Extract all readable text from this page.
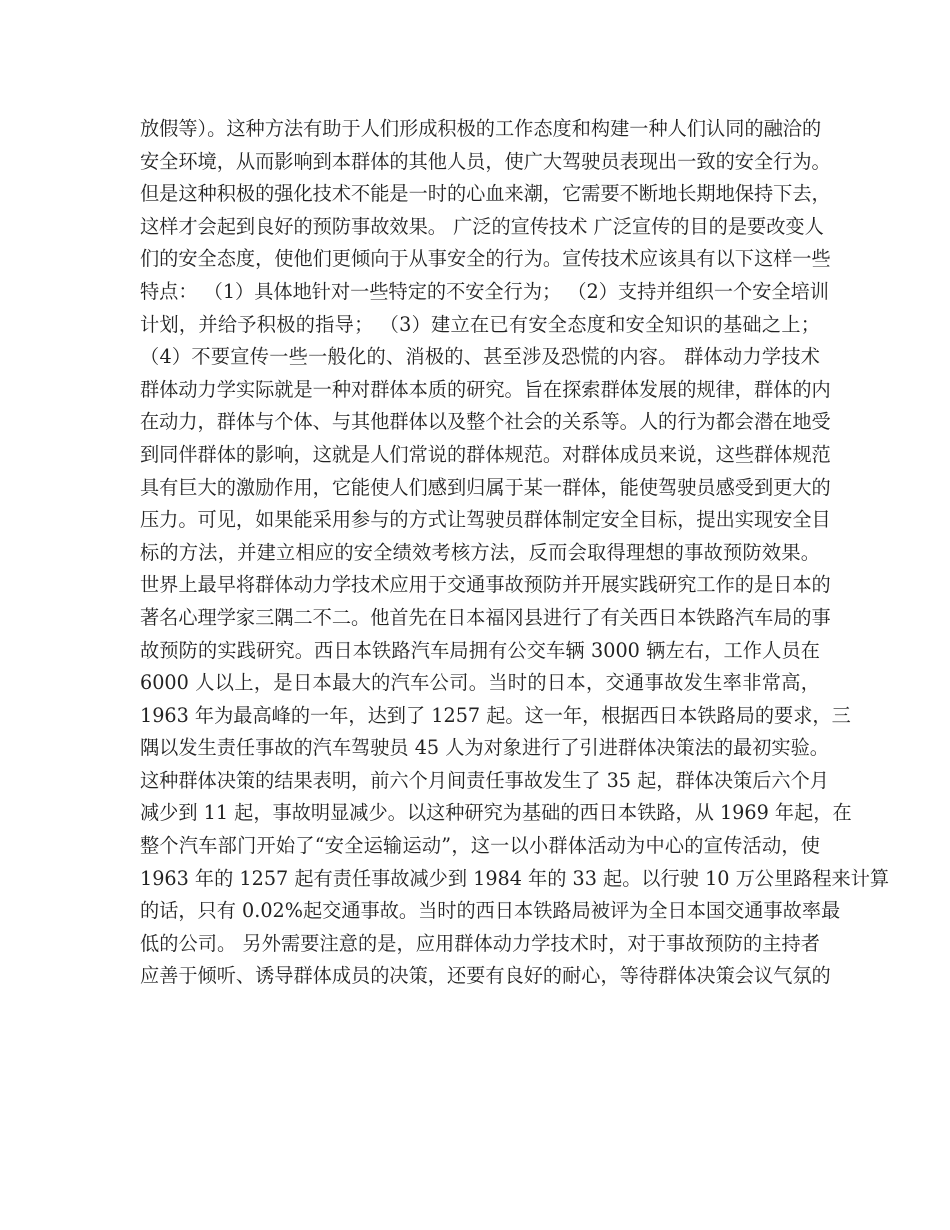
放假等）。这种方法有助于人们形成积极的工作态度和构建一种人们认同的融洽的
安全环境，从而影响到本群体的其他人员，使广大驾驶员表现出一致的安全行为。
但是这种积极的强化技术不能是一时的心血来潮，它需要不断地长期地保持下去，
这样才会起到良好的预防事故效果。 广泛的宣传技术 广泛宣传的目的是要改变人
们的安全态度，使他们更倾向于从事安全的行为。宣传技术应该具有以下这样一些
特点： （1）具体地针对一些特定的不安全行为； （2）支持并组织一个安全培训
计划，并给予积极的指导； （3）建立在已有安全态度和安全知识的基础之上；
（4）不要宣传一些一般化的、消极的、甚至涉及恐慌的内容。 群体动力学技术
群体动力学实际就是一种对群体本质的研究。旨在探索群体发展的规律，群体的内
在动力，群体与个体、与其他群体以及整个社会的关系等。人的行为都会潜在地受
到同伴群体的影响，这就是人们常说的群体规范。对群体成员来说，这些群体规范
具有巨大的激励作用，它能使人们感到归属于某一群体，能使驾驶员感受到更大的
压力。可见，如果能采用参与的方式让驾驶员群体制定安全目标，提出实现安全目
标的方法，并建立相应的安全绩效考核方法，反而会取得理想的事故预防效果。
世界上最早将群体动力学技术应用于交通事故预防并开展实践研究工作的是日本的
著名心理学家三隅二不二。他首先在日本福冈县进行了有关西日本铁路汽车局的事
故预防的实践研究。西日本铁路汽车局拥有公交车辆 3000 辆左右，工作人员在
6000 人以上，是日本最大的汽车公司。当时的日本，交通事故发生率非常高，
1963 年为最高峰的一年，达到了 1257 起。这一年，根据西日本铁路局的要求，三
隅以发生责任事故的汽车驾驶员 45 人为对象进行了引进群体决策法的最初实验。
这种群体决策的结果表明，前六个月间责任事故发生了 35 起，群体决策后六个月
减少到 11 起，事故明显减少。以这种研究为基础的西日本铁路，从 1969 年起，在
整个汽车部门开始了“安全运输运动”，这一以小群体活动为中心的宣传活动，使
1963 年的 1257 起有责任事故减少到 1984 年的 33 起。以行驶 10 万公里路程来计算
的话，只有 0.02%起交通事故。当时的西日本铁路局被评为全日本国交通事故率最
低的公司。 另外需要注意的是，应用群体动力学技术时，对于事故预防的主持者
应善于倾听、诱导群体成员的决策，还要有良好的耐心，等待群体决策会议气氛的
